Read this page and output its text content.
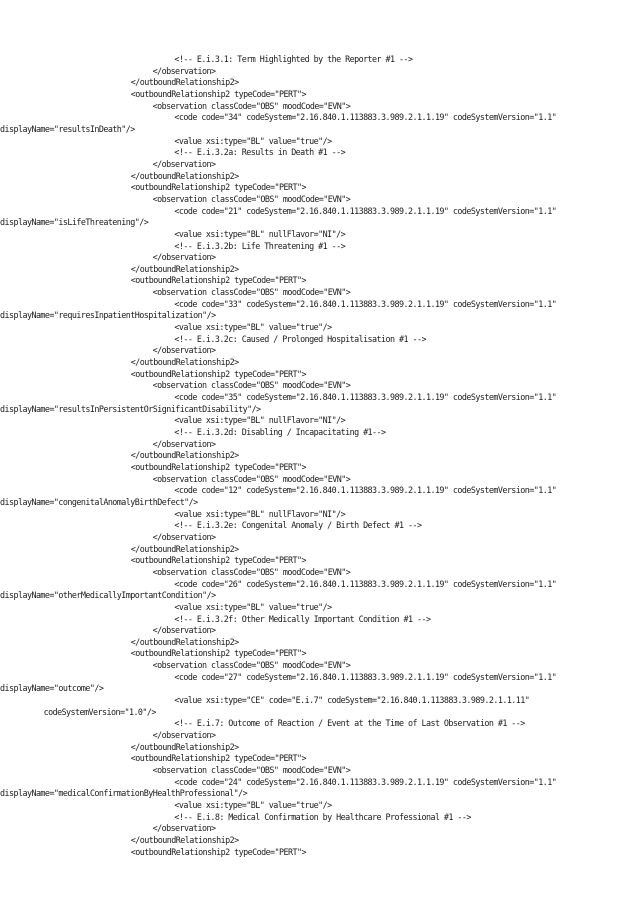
<!-- E.i.3.1: Term Highlighted by the Reporter #1 -->
</observation>
</outboundRelationship2>
<outboundRelationship2 typeCode="PERT">
<observation classCode="OBS" moodCode="EVN">
<code code="34" codeSystem="2.16.840.1.113883.3.989.2.1.1.19" codeSystemVersion="1.1"
displayName="resultsInDeath"/>
<value xsi:type="BL" value="true"/>
<!-- E.i.3.2a: Results in Death #1 -->
</observation>
</outboundRelationship2>
<outboundRelationship2 typeCode="PERT">
<observation classCode="OBS" moodCode="EVN">
<code code="21" codeSystem="2.16.840.1.113883.3.989.2.1.1.19" codeSystemVersion="1.1"
displayName="isLifeThreatening"/>
<value xsi:type="BL" nullFlavor="NI"/>
<!-- E.i.3.2b: Life Threatening #1 -->
</observation>
</outboundRelationship2>
<outboundRelationship2 typeCode="PERT">
<observation classCode="OBS" moodCode="EVN">
<code code="33" codeSystem="2.16.840.1.113883.3.989.2.1.1.19" codeSystemVersion="1.1"
displayName="requiresInpatientHospitalization"/>
<value xsi:type="BL" value="true"/>
<!-- E.i.3.2c: Caused / Prolonged Hospitalisation #1 -->
</observation>
</outboundRelationship2>
<outboundRelationship2 typeCode="PERT">
<observation classCode="OBS" moodCode="EVN">
<code code="35" codeSystem="2.16.840.1.113883.3.989.2.1.1.19" codeSystemVersion="1.1"
displayName="resultsInPersistentOrSignificantDisability"/>
<value xsi:type="BL" nullFlavor="NI"/>
<!-- E.i.3.2d: Disabling / Incapacitating #1-->
</observation>
</outboundRelationship2>
<outboundRelationship2 typeCode="PERT">
<observation classCode="OBS" moodCode="EVN">
<code code="12" codeSystem="2.16.840.1.113883.3.989.2.1.1.19" codeSystemVersion="1.1"
displayName="congenitalAnomalyBirthDefect"/>
<value xsi:type="BL" nullFlavor="NI"/>
<!-- E.i.3.2e: Congenital Anomaly / Birth Defect #1 -->
</observation>
</outboundRelationship2>
<outboundRelationship2 typeCode="PERT">
<observation classCode="OBS" moodCode="EVN">
<code code="26" codeSystem="2.16.840.1.113883.3.989.2.1.1.19" codeSystemVersion="1.1"
displayName="otherMedicallyImportantCondition"/>
<value xsi:type="BL" value="true"/>
<!-- E.i.3.2f: Other Medically Important Condition #1 -->
</observation>
</outboundRelationship2>
<outboundRelationship2 typeCode="PERT">
<observation classCode="OBS" moodCode="EVN">
<code code="27" codeSystem="2.16.840.1.113883.3.989.2.1.1.19" codeSystemVersion="1.1"
displayName="outcome"/>
<value xsi:type="CE" code="E.i.7" codeSystem="2.16.840.1.113883.3.989.2.1.1.11"
codeSystemVersion="1.0"/>
<!-- E.i.7: Outcome of Reaction / Event at the Time of Last Observation #1 -->
</observation>
</outboundRelationship2>
<outboundRelationship2 typeCode="PERT">
<observation classCode="OBS" moodCode="EVN">
<code code="24" codeSystem="2.16.840.1.113883.3.989.2.1.1.19" codeSystemVersion="1.1"
displayName="medicalConfirmationByHealthProfessional"/>
<value xsi:type="BL" value="true"/>
<!-- E.i.8: Medical Confirmation by Healthcare Professional #1 -->
</observation>
</outboundRelationship2>
<outboundRelationship2 typeCode="PERT">
